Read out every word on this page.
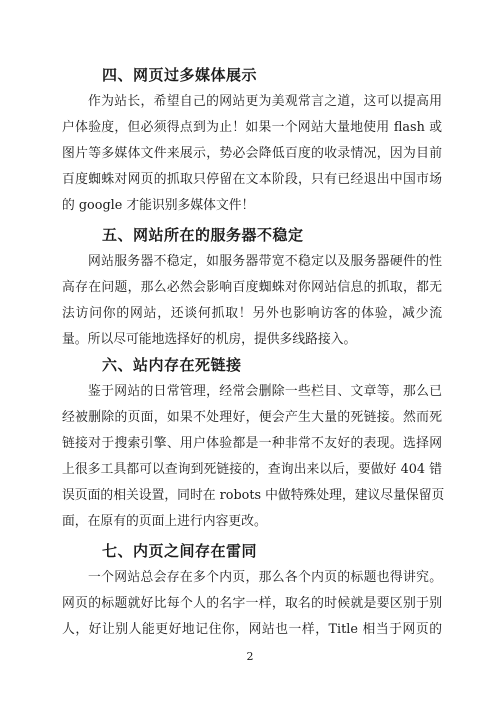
四、网页过多媒体展示

作为站长，希望自己的网站更为美观常言之道，这可以提高用

户体验度，但必须得点到为止！如果一个网站大量地使用 flash 或

图片等多媒体文件来展示，势必会降低百度的收录情况，因为目前

百度蜘蛛对网页的抓取只停留在文本阶段，只有已经退出中国市场

的 google 才能识别多媒体文件！

五、网站所在的服务器不稳定

网站服务器不稳定，如服务器带宽不稳定以及服务器硬件的性

高存在问题，那么必然会影响百度蜘蛛对你网站信息的抓取，都无

法访问你的网站，还谈何抓取！另外也影响访客的体验，减少流

量。所以尽可能地选择好的机房，提供多线路接入。

六、站内存在死链接

鉴于网站的日常管理，经常会删除一些栏目、文章等，那么已

经被删除的页面，如果不处理好，便会产生大量的死链接。然而死

链接对于搜索引擎、用户体验都是一种非常不友好的表现。选择网

上很多工具都可以查询到死链接的，查询出来以后，要做好 404 错

误页面的相关设置，同时在 robots 中做特殊处理，建议尽量保留页

面，在原有的页面上进行内容更改。

七、内页之间存在雷同

一个网站总会存在多个内页，那么各个内页的标题也得讲究。

网页的标题就好比每个人的名字一样，取名的时候就是要区别于别

人，好让别人能更好地记住你，网站也一样，Title 相当于网页的

2
